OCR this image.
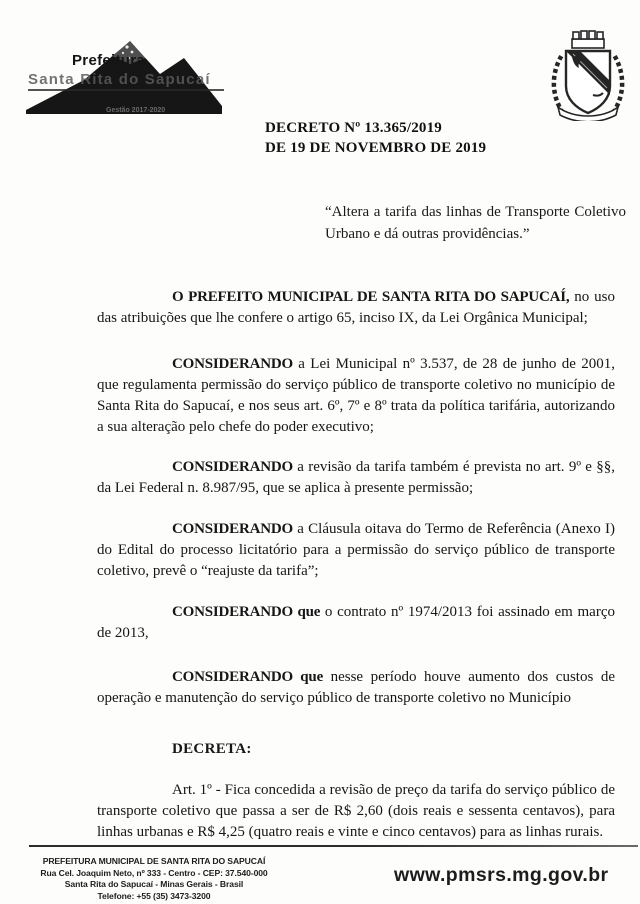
Prefeitura
Santa Rita do Sapucaí
Trabalhando para o povo
Gestão 2017-2020
DECRETO Nº 13.365/2019
DE 19 DE NOVEMBRO DE 2019
“Altera a tarifa das linhas de Transporte Coletivo Urbano e dá outras providências.”

O PREFEITO MUNICIPAL DE SANTA RITA DO SAPUCAÍ, no uso das atribuições que lhe confere o artigo 65, inciso IX, da Lei Orgânica Municipal;

CONSIDERANDO a Lei Municipal nº 3.537, de 28 de junho de 2001, que regulamenta permissão do serviço público de transporte coletivo no município de Santa Rita do Sapucaí, e nos seus art. 6º, 7º e 8º trata da política tarifária, autorizando a sua alteração pelo chefe do poder executivo;

CONSIDERANDO a revisão da tarifa também é prevista no art. 9º e §§, da Lei Federal n. 8.987/95, que se aplica à presente permissão;

CONSIDERANDO a Cláusula oitava do Termo de Referência (Anexo I) do Edital do processo licitatório para a permissão do serviço público de transporte coletivo, prevê o “reajuste da tarifa”;

CONSIDERANDO que o contrato nº 1974/2013 foi assinado em março de 2013,

CONSIDERANDO que nesse período houve aumento dos custos de operação e manutenção do serviço público de transporte coletivo no Município

DECRETA:

Art. 1º - Fica concedida a revisão de preço da tarifa do serviço público de transporte coletivo que passa a ser de R$ 2,60 (dois reais e sessenta centavos), para linhas urbanas e R$ 4,25 (quatro reais e vinte e cinco centavos) para as linhas rurais.

PREFEITURA MUNICIPAL DE SANTA RITA DO SAPUCAÍ
Rua Cel. Joaquim Neto, nº 333 - Centro - CEP: 37.540-000
Santa Rita do Sapucaí - Minas Gerais - Brasil
Telefone: +55 (35) 3473-3200
www.pmsrs.mg.gov.br
